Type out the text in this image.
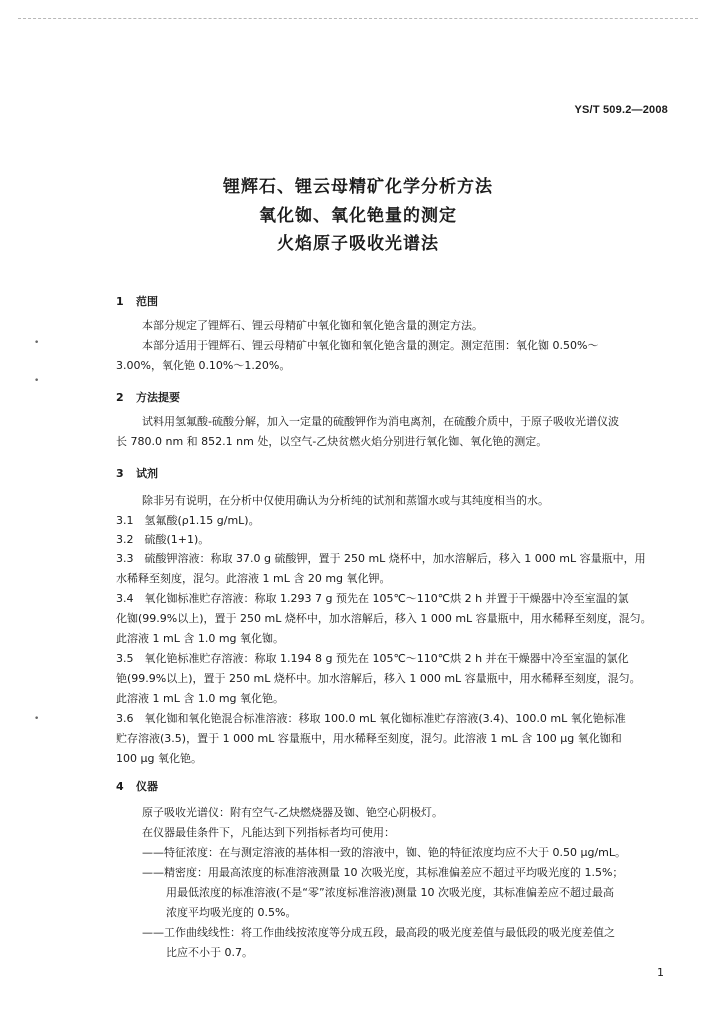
YS/T 509.2—2008
锂辉石、锂云母精矿化学分析方法
氧化铷、氧化铯量的测定
火焰原子吸收光谱法
1 范围
本部分规定了锂辉石、锂云母精矿中氧化铷和氧化铯含量的测定方法。
本部分适用于锂辉石、锂云母精矿中氧化铷和氧化铯含量的测定。测定范围：氧化铷 0.50%～
3.00%，氧化铯 0.10%～1.20%。
2 方法提要
试料用氢氟酸-硫酸分解，加入一定量的硫酸钾作为消电离剂，在硫酸介质中，于原子吸收光谱仪波
长 780.0 nm 和 852.1 nm 处，以空气-乙炔贫燃火焰分别进行氧化铷、氧化铯的测定。
3 试剂
除非另有说明，在分析中仅使用确认为分析纯的试剂和蒸馏水或与其纯度相当的水。
3.1　氢氟酸(ρ1.15 g/mL)。
3.2　硫酸(1+1)。
3.3　硫酸钾溶液：称取 37.0 g 硫酸钾，置于 250 mL 烧杯中，加水溶解后，移入 1 000 mL 容量瓶中，用
水稀释至刻度，混匀。此溶液 1 mL 含 20 mg 氧化钾。
3.4　氧化铷标准贮存溶液：称取 1.293 7 g 预先在 105℃～110℃烘 2 h 并置于干燥器中冷至室温的氯
化铷(99.9%以上)，置于 250 mL 烧杯中，加水溶解后，移入 1 000 mL 容量瓶中，用水稀释至刻度，混匀。
此溶液 1 mL 含 1.0 mg 氧化铷。
3.5　氧化铯标准贮存溶液：称取 1.194 8 g 预先在 105℃～110℃烘 2 h 并在干燥器中冷至室温的氯化
铯(99.9%以上)，置于 250 mL 烧杯中。加水溶解后，移入 1 000 mL 容量瓶中，用水稀释至刻度，混匀。
此溶液 1 mL 含 1.0 mg 氧化铯。
3.6　氧化铷和氧化铯混合标准溶液：移取 100.0 mL 氧化铷标准贮存溶液(3.4)、100.0 mL 氧化铯标准
贮存溶液(3.5)，置于 1 000 mL 容量瓶中，用水稀释至刻度，混匀。此溶液 1 mL 含 100 μg 氧化铷和
100 μg 氧化铯。
4 仪器
原子吸收光谱仪：附有空气-乙炔燃烧器及铷、铯空心阴极灯。
在仪器最佳条件下，凡能达到下列指标者均可使用：
——特征浓度：在与测定溶液的基体相一致的溶液中，铷、铯的特征浓度均应不大于 0.50 μg/mL。
——精密度：用最高浓度的标准溶液测量 10 次吸光度，其标准偏差应不超过平均吸光度的 1.5%；
用最低浓度的标准溶液(不是“零”浓度标准溶液)测量 10 次吸光度，其标准偏差应不超过最高
浓度平均吸光度的 0.5%。
——工作曲线线性：将工作曲线按浓度等分成五段，最高段的吸光度差值与最低段的吸光度差值之
比应不小于 0.7。
1
•
•
•
